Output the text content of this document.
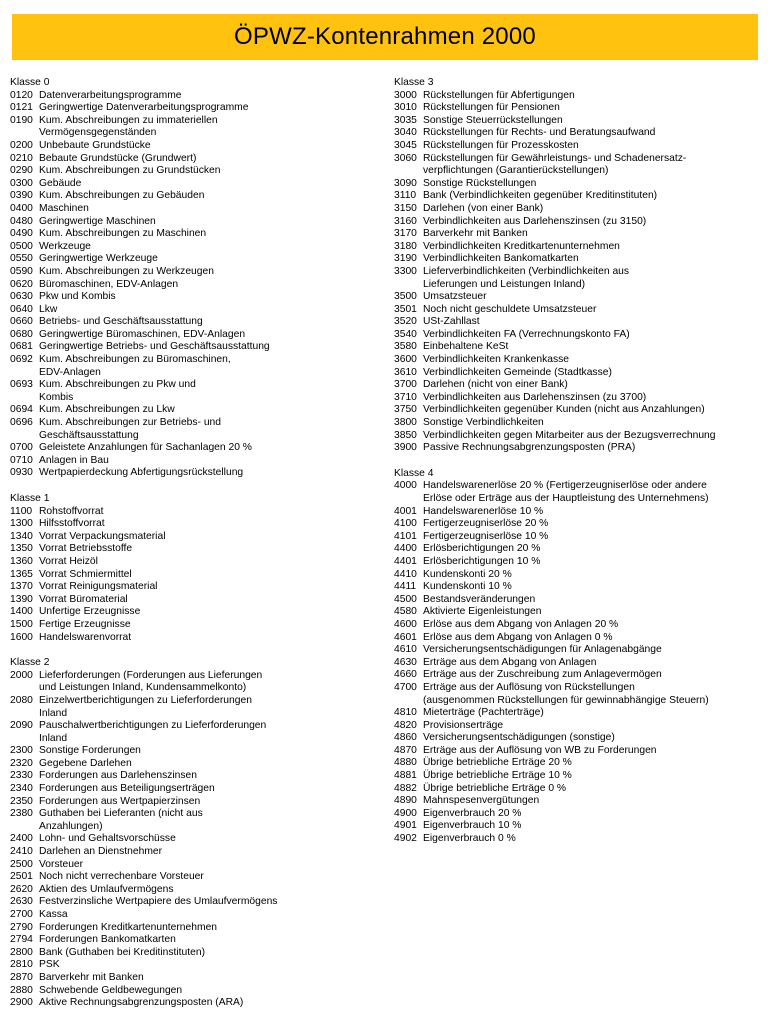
ÖPWZ-Kontenrahmen 2000
Klasse 0
0120 Datenverarbeitungsprogramme
0121 Geringwertige Datenverarbeitungsprogramme
0190 Kum. Abschreibungen zu immateriellen
Vermögensgegenständen
0200 Unbebaute Grundstücke
0210 Bebaute Grundstücke (Grundwert)
0290 Kum. Abschreibungen zu Grundstücken
0300 Gebäude
0390 Kum. Abschreibungen zu Gebäuden
0400 Maschinen
0480 Geringwertige Maschinen
0490 Kum. Abschreibungen zu Maschinen
0500 Werkzeuge
0550 Geringwertige Werkzeuge
0590 Kum. Abschreibungen zu Werkzeugen
0620 Büromaschinen, EDV-Anlagen
0630 Pkw und Kombis
0640 Lkw
0660 Betriebs- und Geschäftsausstattung
0680 Geringwertige Büromaschinen, EDV-Anlagen
0681 Geringwertige Betriebs- und Geschäftsausstattung
0692 Kum. Abschreibungen zu Büromaschinen,
EDV-Anlagen
0693 Kum. Abschreibungen zu Pkw und
Kombis
0694 Kum. Abschreibungen zu Lkw
0696 Kum. Abschreibungen zur Betriebs- und
Geschäftsausstattung
0700 Geleistete Anzahlungen für Sachanlagen 20 %
0710 Anlagen in Bau
0930 Wertpapierdeckung Abfertigungsrückstellung
Klasse 1
1100 Rohstoffvorrat
1300 Hilfsstoffvorrat
1340 Vorrat Verpackungsmaterial
1350 Vorrat Betriebsstoffe
1360 Vorrat Heizöl
1365 Vorrat Schmiermittel
1370 Vorrat Reinigungsmaterial
1390 Vorrat Büromaterial
1400 Unfertige Erzeugnisse
1500 Fertige Erzeugnisse
1600 Handelswarenvorrat
Klasse 2
2000 Lieferforderungen (Forderungen aus Lieferungen
und Leistungen Inland, Kundensammelkonto)
2080 Einzelwertberichtigungen zu Lieferforderungen
Inland
2090 Pauschalwertberichtigungen zu Lieferforderungen
Inland
2300 Sonstige Forderungen
2320 Gegebene Darlehen
2330 Forderungen aus Darlehenszinsen
2340 Forderungen aus Beteiligungserträgen
2350 Forderungen aus Wertpapierzinsen
2380 Guthaben bei Lieferanten (nicht aus
Anzahlungen)
2400 Lohn- und Gehaltsvorschüsse
2410 Darlehen an Dienstnehmer
2500 Vorsteuer
2501 Noch nicht verrechenbare Vorsteuer
2620 Aktien des Umlaufvermögens
2630 Festverzinsliche Wertpapiere des Umlaufvermögens
2700 Kassa
2790 Forderungen Kreditkartenunternehmen
2794 Forderungen Bankomatkarten
2800 Bank (Guthaben bei Kreditinstituten)
2810 PSK
2870 Barverkehr mit Banken
2880 Schwebende Geldbewegungen
2900 Aktive Rechnungsabgrenzungsposten (ARA)
Klasse 3
3000 Rückstellungen für Abfertigungen
3010 Rückstellungen für Pensionen
3035 Sonstige Steuerrückstellungen
3040 Rückstellungen für Rechts- und Beratungsaufwand
3045 Rückstellungen für Prozesskosten
3060 Rückstellungen für Gewährleistungs- und Schadenersatz-
verpflichtungen (Garantierückstellungen)
3090 Sonstige Rückstellungen
3110 Bank (Verbindlichkeiten gegenüber Kreditinstituten)
3150 Darlehen (von einer Bank)
3160 Verbindlichkeiten aus Darlehenszinsen (zu 3150)
3170 Barverkehr mit Banken
3180 Verbindlichkeiten Kreditkartenunternehmen
3190 Verbindlichkeiten Bankomatkarten
3300 Lieferverbindlichkeiten (Verbindlichkeiten aus
Lieferungen und Leistungen Inland)
3500 Umsatzsteuer
3501 Noch nicht geschuldete Umsatzsteuer
3520 USt-Zahllast
3540 Verbindlichkeiten FA (Verrechnungskonto FA)
3580 Einbehaltene KeSt
3600 Verbindlichkeiten Krankenkasse
3610 Verbindlichkeiten Gemeinde (Stadtkasse)
3700 Darlehen (nicht von einer Bank)
3710 Verbindlichkeiten aus Darlehenszinsen (zu 3700)
3750 Verbindlichkeiten gegenüber Kunden (nicht aus Anzahlungen)
3800 Sonstige Verbindlichkeiten
3850 Verbindlichkeiten gegen Mitarbeiter aus der Bezugsverrechnung
3900 Passive Rechnungsabgrenzungsposten (PRA)
Klasse 4
4000 Handelswarenerlöse 20 % (Fertigerzeugniserlöse oder andere
Erlöse oder Erträge aus der Hauptleistung des Unternehmens)
4001 Handelswarenerlöse 10 %
4100 Fertigerzeugniserlöse 20 %
4101 Fertigerzeugniserlöse 10 %
4400 Erlösberichtigungen 20 %
4401 Erlösberichtigungen 10 %
4410 Kundenskonti 20 %
4411 Kundenskonti 10 %
4500 Bestandsveränderungen
4580 Aktivierte Eigenleistungen
4600 Erlöse aus dem Abgang von Anlagen 20 %
4601 Erlöse aus dem Abgang von Anlagen 0 %
4610 Versicherungsentschädigungen für Anlagenabgänge
4630 Erträge aus dem Abgang von Anlagen
4660 Erträge aus der Zuschreibung zum Anlagevermögen
4700 Erträge aus der Auflösung von Rückstellungen
(ausgenommen Rückstellungen für gewinnabhängige Steuern)
4810 Mieterträge (Pachterträge)
4820 Provisionserträge
4860 Versicherungsentschädigungen (sonstige)
4870 Erträge aus der Auflösung von WB zu Forderungen
4880 Übrige betriebliche Erträge 20 %
4881 Übrige betriebliche Erträge 10 %
4882 Übrige betriebliche Erträge 0 %
4890 Mahnspesenvergütungen
4900 Eigenverbrauch 20 %
4901 Eigenverbrauch 10 %
4902 Eigenverbrauch 0 %
